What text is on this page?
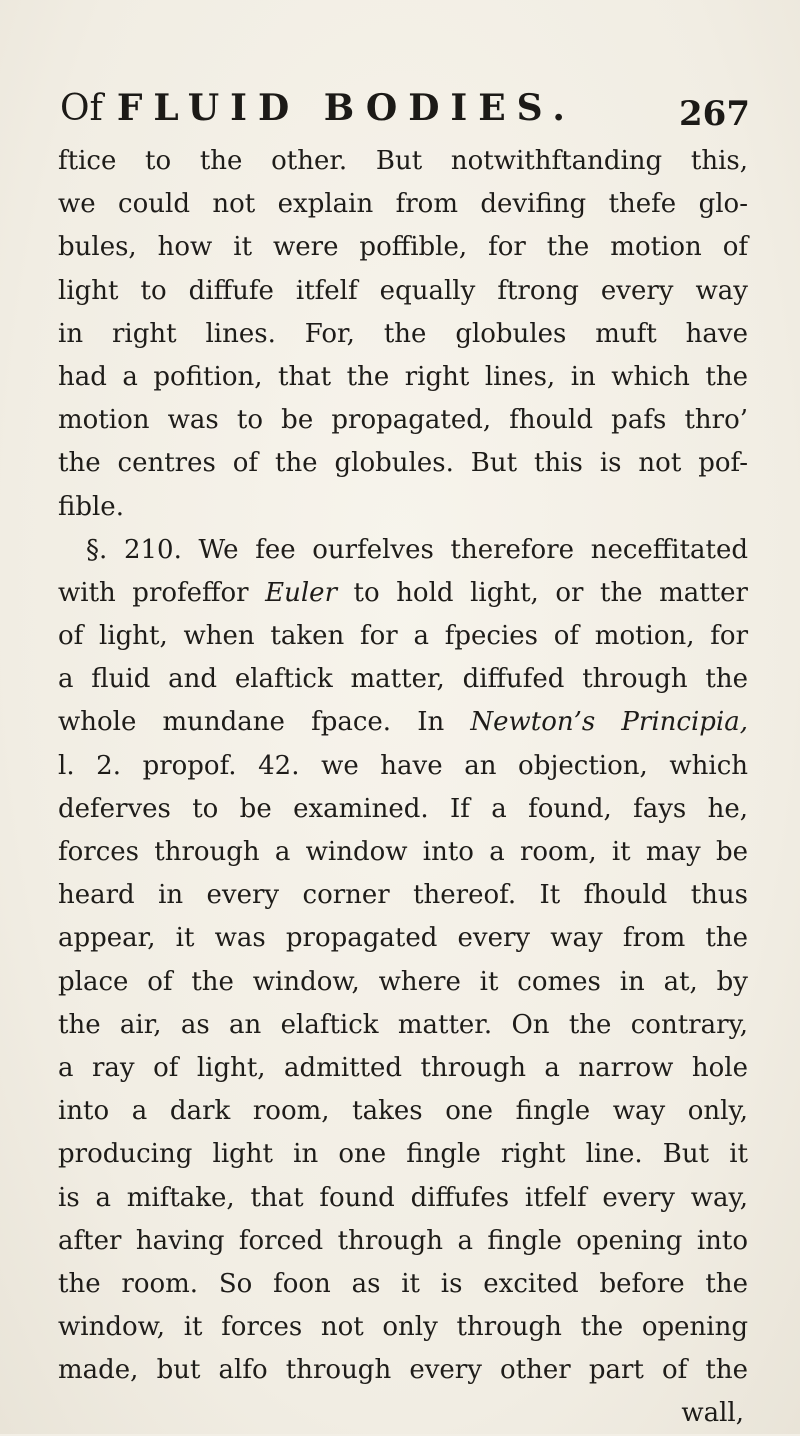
Of FLUID BODIES.	267
ftice to the other. But notwithftanding this,
we could not explain from devifing thefe glo-
bules, how it were poffible, for the motion of
light to diffufe itfelf equally ftrong every way
in right lines. For, the globules muft have
had a pofition, that the right lines, in which the
motion was to be propagated, fhould pafs thro’
the centres of the globules. But this is not pof-
fible.
§. 210. We fee ourfelves therefore neceffitated
with profeffor Euler to hold light, or the matter
of light, when taken for a fpecies of motion, for
a fluid and elaftick matter, diffufed through the
whole mundane fpace. In Newton’s Principia,
l. 2. propof. 42. we have an objection, which
deferves to be examined. If a found, fays he,
forces through a window into a room, it may be
heard in every corner thereof. It fhould thus
appear, it was propagated every way from the
place of the window, where it comes in at, by
the air, as an elaftick matter. On the contrary,
a ray of light, admitted through a narrow hole
into a dark room, takes one fingle way only,
producing light in one fingle right line. But it
is a miftake, that found diffufes itfelf every way,
after having forced through a fingle opening into
the room. So foon as it is excited before the
window, it forces not only through the opening
made, but alfo through every other part of the
wall,
